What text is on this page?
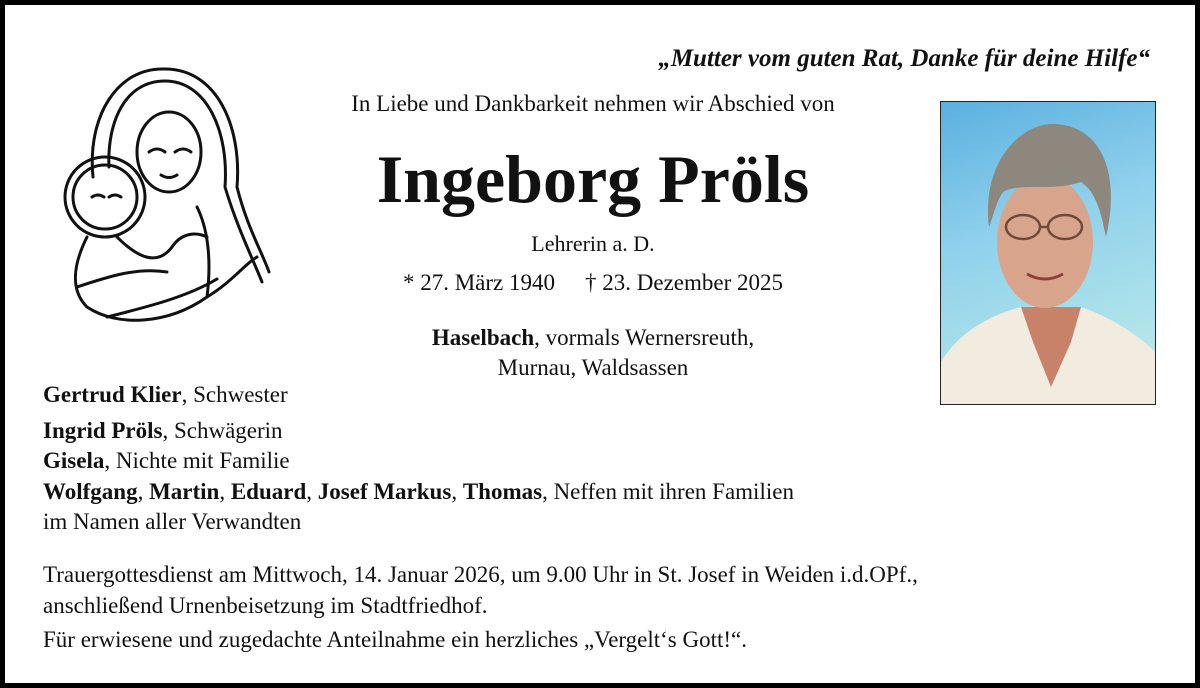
„Mutter vom guten Rat, Danke für deine Hilfe“
In Liebe und Dankbarkeit nehmen wir Abschied von
Ingeborg Pröls
Lehrerin a. D.
* 27. März 1940 † 23. Dezember 2025
Haselbach, vormals Wernersreuth,
Murnau, Waldsassen
Gertrud Klier, Schwester
Ingrid Pröls, Schwägerin
Gisela, Nichte mit Familie
Wolfgang, Martin, Eduard, Josef Markus, Thomas, Neffen mit ihren Familien
im Namen aller Verwandten
Trauergottesdienst am Mittwoch, 14. Januar 2026, um 9.00 Uhr in St. Josef in Weiden i.d.OPf.,
anschließend Urnenbeisetzung im Stadtfriedhof.
Für erwiesene und zugedachte Anteilnahme ein herzliches „Vergelt‘s Gott!“.
